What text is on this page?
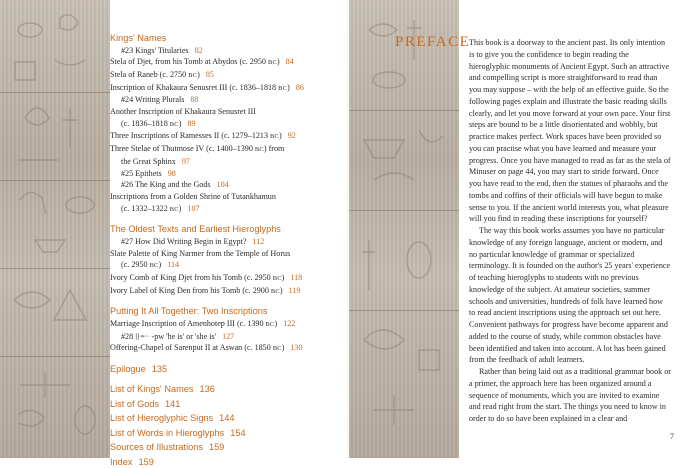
Kings' Names
#23 Kings' Titularies 82
Stela of Djet, from his Tomb at Abydos (c. 2950 BC) 84
Stela of Raneb (c. 2750 BC) 85
Inscription of Khakaura Senusret III (c. 1836–1818 BC) 86
#24 Writing Plurals 88
Another Inscription of Khakaura Senusret III
(c. 1836–1818 BC) 89
Three Inscriptions of Ramesses II (c. 1279–1213 BC) 92
Three Stelae of Thutmose IV (c. 1400–1390 BC) from
the Great Sphinx 97
#25 Epithets 98
#26 The King and the Gods 104
Inscriptions from a Golden Shrine of Tutankhamun
(c. 1332–1322 BC) 107
The Oldest Texts and Earliest Hieroglyphs
#27 How Did Writing Begin in Egypt? 112
Slate Palette of King Narmer from the Temple of Horus
(c. 2950 BC) 114
Ivory Comb of King Djet from his Tomb (c. 2950 BC) 118
Ivory Label of King Den from his Tomb (c. 2900 BC) 119
Putting It All Together: Two Inscriptions
Marriage Inscription of Amenhotep III (c. 1390 BC) 122
#28 ⌷𓄡 -pw 'he is' or 'she is' 127
Offering-Chapel of Sarenput II at Aswan (c. 1850 BC) 130
Epilogue 135
List of Kings' Names 136
List of Gods 141
List of Hieroglyphic Signs 144
List of Words in Hieroglyphs 154
Sources of Illustrations 159
Index 159
PREFACE

This book is a doorway to the ancient past. Its only intention is to give you the confidence to begin reading the hieroglyphic monuments of Ancient Egypt. Such an attractive and compelling script is more straightforward to read than you may suppose – with the help of an effective guide. So the following pages explain and illustrate the basic reading skills clearly, and let you move forward at your own pace. Your first steps are bound to be a little disorientated and wobbly, but practice makes perfect. Work spaces have been provided so you can practise what you have learned and measure your progress. Once you have managed to read as far as the stela of Minuser on page 44, you may start to stride forward. Once you have read to the end, then the statues of pharaohs and the tombs and coffins of their officials will have begun to make sense to you. If the ancient world interests you, what pleasure will you find in reading these inscriptions for yourself?

The way this book works assumes you have no particular knowledge of any foreign language, ancient or modern, and no particular knowledge of grammar or specialized terminology. It is founded on the author's 25 years' experience of teaching hieroglyphs to students with no previous knowledge of the subject. At amateur societies, summer schools and universities, hundreds of folk have learned how to read ancient inscriptions using the approach set out here. Convenient pathways for progress have become apparent and added to the course of study, while common obstacles have been identified and taken into account. A lot has been gained from the feedback of adult learners.

Rather than being laid out as a traditional grammar book or a primer, the approach here has been organized around a sequence of monuments, which you are invited to examine and read right from the start. The things you need to know in order to do so have been explained in a clear and

7
